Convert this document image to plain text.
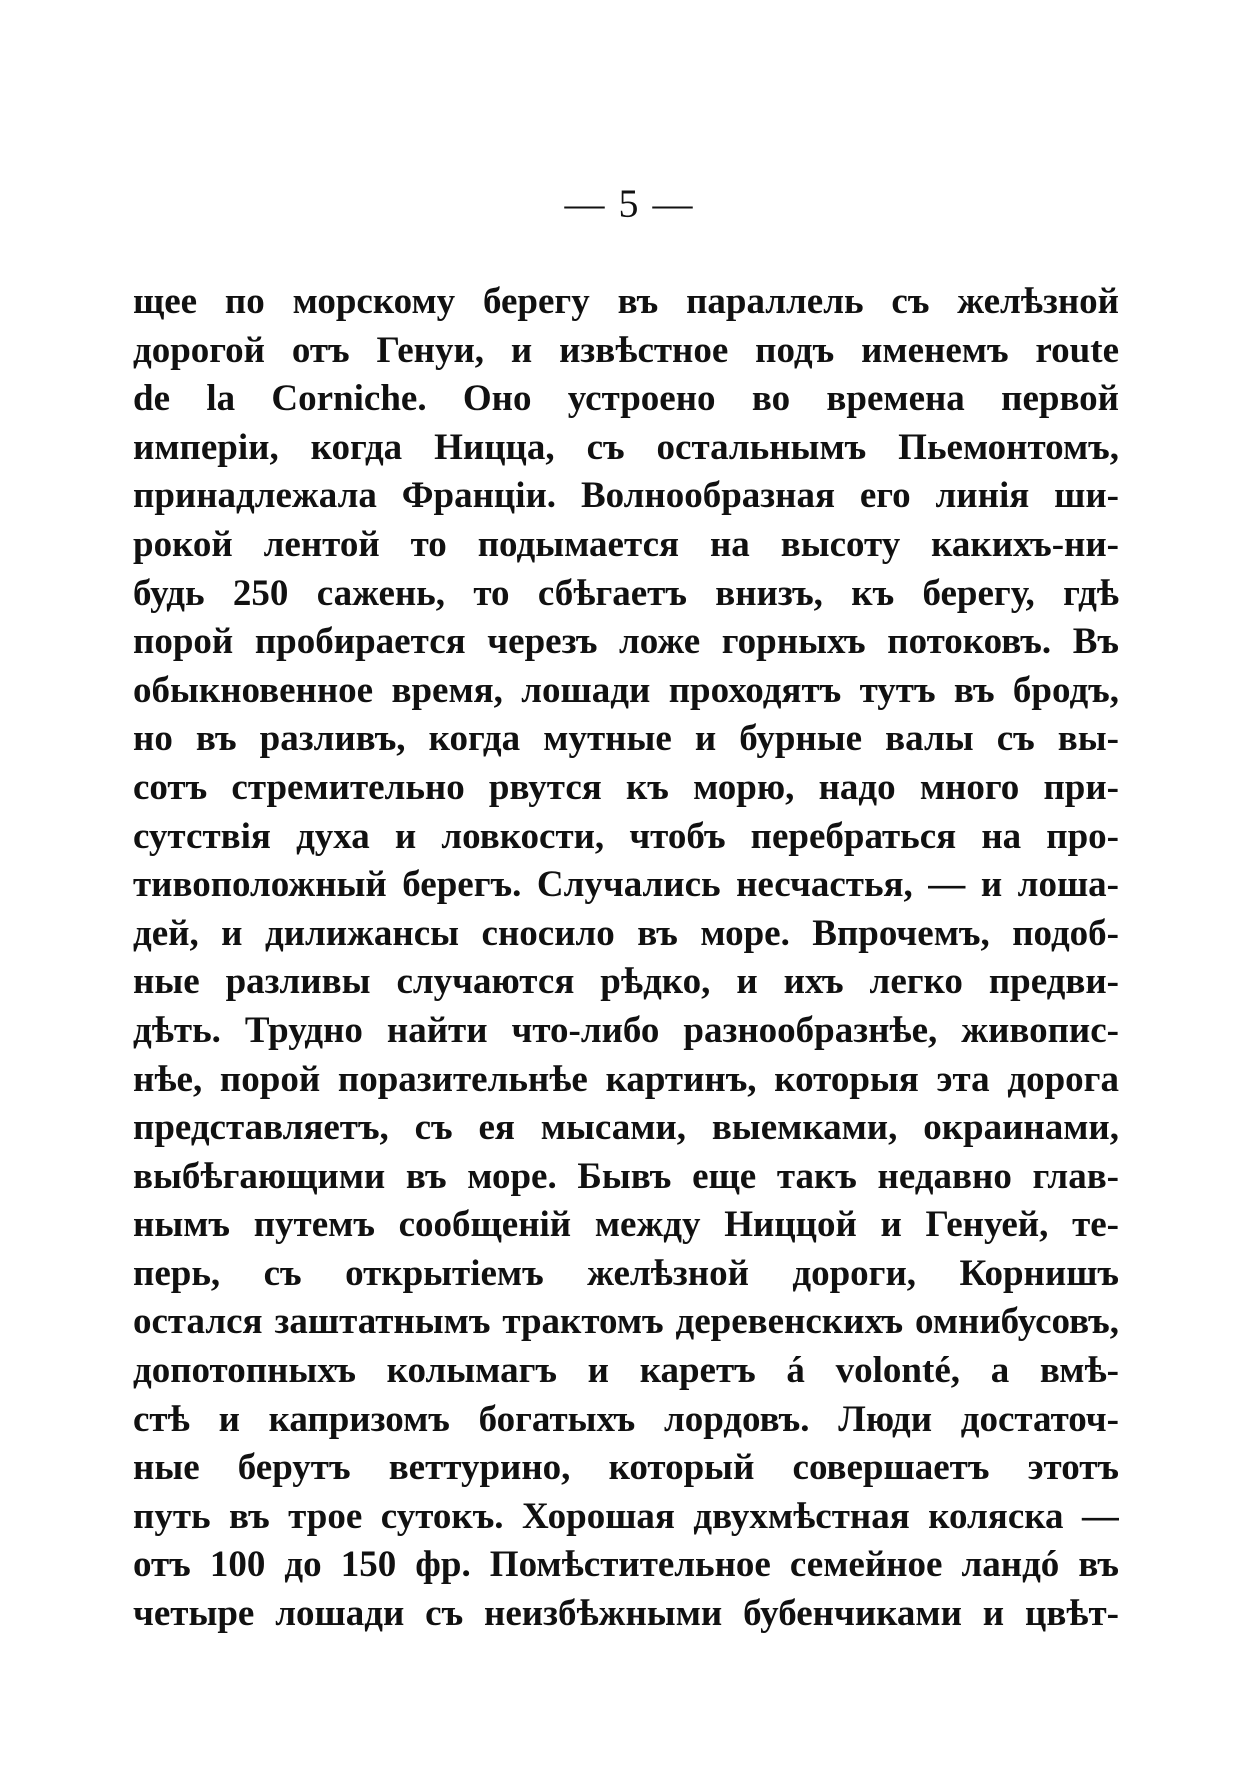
— 5 —
щее по морскому берегу въ параллель съ желѣзной
дорогой отъ Генуи, и извѣстное подъ именемъ route
de la Corniche. Оно устроено во времена первой
имперіи, когда Ницца, съ остальнымъ Пьемонтомъ,
принадлежала Франціи. Волнообразная его линія ши-
рокой лентой то подымается на высоту какихъ-ни-
будь 250 сажень, то сбѣгаетъ внизъ, къ берегу, гдѣ
порой пробирается черезъ ложе горныхъ потоковъ. Въ
обыкновенное время, лошади проходятъ тутъ въ бродъ,
но въ разливъ, когда мутные и бурные валы съ вы-
сотъ стремительно рвутся къ морю, надо много при-
сутствія духа и ловкости, чтобъ перебраться на про-
тивоположный берегъ. Случались несчастья, — и лоша-
дей, и дилижансы сносило въ море. Впрочемъ, подоб-
ные разливы случаются рѣдко, и ихъ легко предви-
дѣть. Трудно найти что-либо разнообразнѣе, живопис-
нѣе, порой поразительнѣе картинъ, которыя эта дорога
представляетъ, съ ея мысами, выемками, окраинами,
выбѣгающими въ море. Бывъ еще такъ недавно глав-
нымъ путемъ сообщеній между Ниццой и Генуей, те-
перь, съ открытіемъ желѣзной дороги, Корнишъ
остался заштатнымъ трактомъ деревенскихъ омнибусовъ,
допотопныхъ колымагъ и каретъ á volonté, а вмѣ-
стѣ и капризомъ богатыхъ лордовъ. Люди достаточ-
ные берутъ веттурино, который совершаетъ этотъ
путь въ трое сутокъ. Хорошая двухмѣстная коляска —
отъ 100 до 150 фр. Помѣстительное семейное ландó въ
четыре лошади съ неизбѣжными бубенчиками и цвѣт-
